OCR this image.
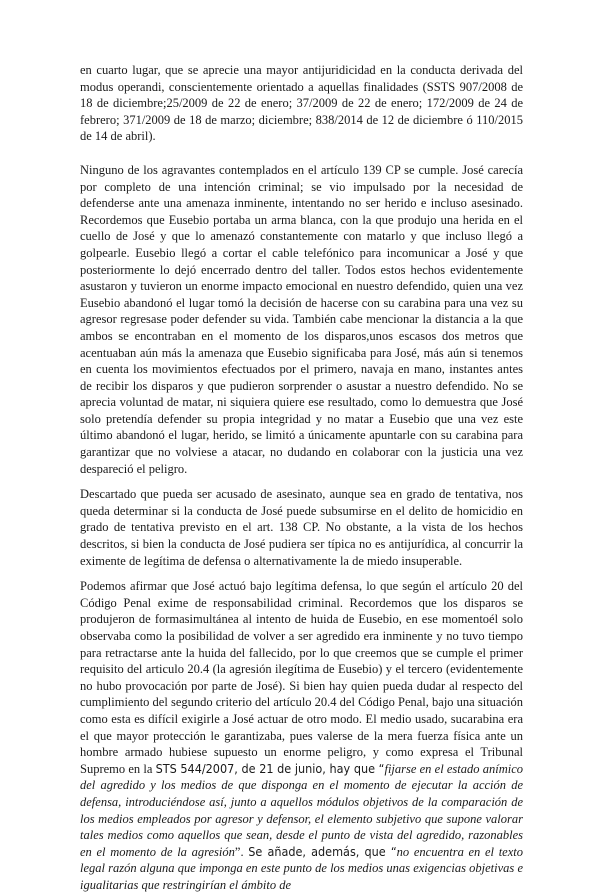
en cuarto lugar, que se aprecie una mayor antijuridicidad en la conducta derivada del modus operandi, conscientemente orientado a aquellas finalidades (SSTS 907/2008 de 18 de diciembre;25/2009 de 22 de enero; 37/2009 de 22 de enero; 172/2009 de 24 de febrero; 371/2009 de 18 de marzo; diciembre; 838/2014 de 12 de diciembre ó 110/2015 de 14 de abril).

Ninguno de los agravantes contemplados en el artículo 139 CP se cumple. José carecía por completo de una intención criminal; se vio impulsado por la necesidad de defenderse ante una amenaza inminente, intentando no ser herido e incluso asesinado. Recordemos que Eusebio portaba un arma blanca, con la que produjo una herida en el cuello de José y que lo amenazó constantemente con matarlo y que incluso llegó a golpearle. Eusebio llegó a cortar el cable telefónico para incomunicar a José y que posteriormente lo dejó encerrado dentro del taller. Todos estos hechos evidentemente asustaron y tuvieron un enorme impacto emocional en nuestro defendido, quien una vez Eusebio abandonó el lugar tomó la decisión de hacerse con su carabina para una vez su agresor regresase poder defender su vida. También cabe mencionar la distancia a la que ambos se encontraban en el momento de los disparos,unos escasos dos metros que acentuaban aún más la amenaza que Eusebio significaba para José, más aún si tenemos en cuenta los movimientos efectuados por el primero, navaja en mano, instantes antes de recibir los disparos y que pudieron sorprender o asustar a nuestro defendido. No se aprecia voluntad de matar, ni siquiera quiere ese resultado, como lo demuestra que José solo pretendía defender su propia integridad y no matar a Eusebio que una vez este último abandonó el lugar, herido, se limitó a únicamente apuntarle con su carabina para garantizar que no volviese a atacar, no dudando en colaborar con la justicia una vez despareció el peligro.

Descartado que pueda ser acusado de asesinato, aunque sea en grado de tentativa, nos queda determinar si la conducta de José puede subsumirse en el delito de homicidio en grado de tentativa previsto en el art. 138 CP. No obstante, a la vista de los hechos descritos, si bien la conducta de José pudiera ser típica no es antijurídica, al concurrir la eximente de legítima de defensa o alternativamente la de miedo insuperable.

Podemos afirmar que José actuó bajo legítima defensa, lo que según el artículo 20 del Código Penal exime de responsabilidad criminal. Recordemos que los disparos se produjeron de formasimultánea al intento de huida de Eusebio, en ese momentoél solo observaba como la posibilidad de volver a ser agredido era inminente y no tuvo tiempo para retractarse ante la huida del fallecido, por lo que creemos que se cumple el primer requisito del articulo 20.4 (la agresión ilegítima de Eusebio) y el tercero (evidentemente no hubo provocación por parte de José). Si bien hay quien pueda dudar al respecto del cumplimiento del segundo criterio del artículo 20.4 del Código Penal, bajo una situación como esta es difícil exigirle a José actuar de otro modo. El medio usado, sucarabina era el que mayor protección le garantizaba, pues valerse de la mera fuerza física ante un hombre armado hubiese supuesto un enorme peligro, y como expresa el Tribunal Supremo en la STS 544/2007, de 21 de junio, hay que “fijarse en el estado anímico del agredido y los medios de que disponga en el momento de ejecutar la acción de defensa, introduciéndose así, junto a aquellos módulos objetivos de la comparación de los medios empleados por agresor y defensor, el elemento subjetivo que supone valorar tales medios como aquellos que sean, desde el punto de vista del agredido, razonables en el momento de la agresión”. Se añade, además, que “no encuentra en el texto legal razón alguna que imponga en este punto de los medios unas exigencias objetivas e igualitarias que restringirían el ámbito de
